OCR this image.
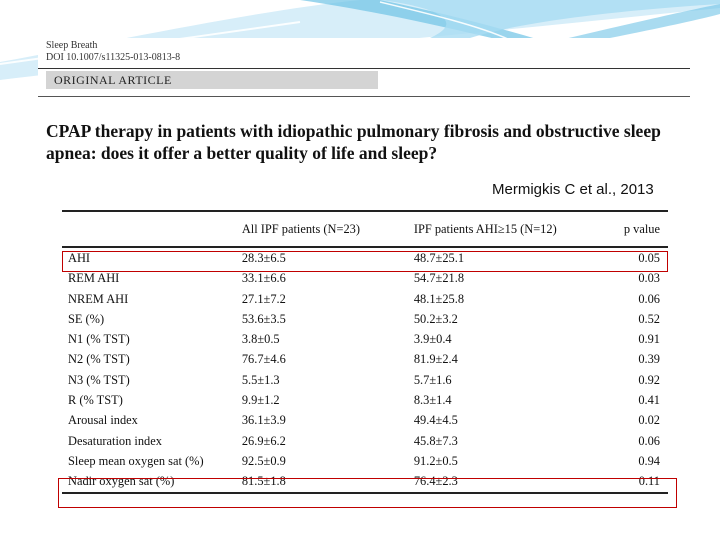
Sleep Breath
DOI 10.1007/s11325-013-0813-8
ORIGINAL ARTICLE
CPAP therapy in patients with idiopathic pulmonary fibrosis and obstructive sleep apnea: does it offer a better quality of life and sleep?
Mermigkis C et al., 2013
	All IPF patients (N=23)	IPF patients AHI≥15 (N=12)	p value
AHI	28.3±6.5	48.7±25.1	0.05
REM AHI	33.1±6.6	54.7±21.8	0.03
NREM AHI	27.1±7.2	48.1±25.8	0.06
SE (%)	53.6±3.5	50.2±3.2	0.52
N1 (% TST)	3.8±0.5	3.9±0.4	0.91
N2 (% TST)	76.7±4.6	81.9±2.4	0.39
N3 (% TST)	5.5±1.3	5.7±1.6	0.92
R (% TST)	9.9±1.2	8.3±1.4	0.41
Arousal index	36.1±3.9	49.4±4.5	0.02
Desaturation index	26.9±6.2	45.8±7.3	0.06
Sleep mean oxygen sat (%)	92.5±0.9	91.2±0.5	0.94
Nadir oxygen sat (%)	81.5±1.8	76.4±2.3	0.11
